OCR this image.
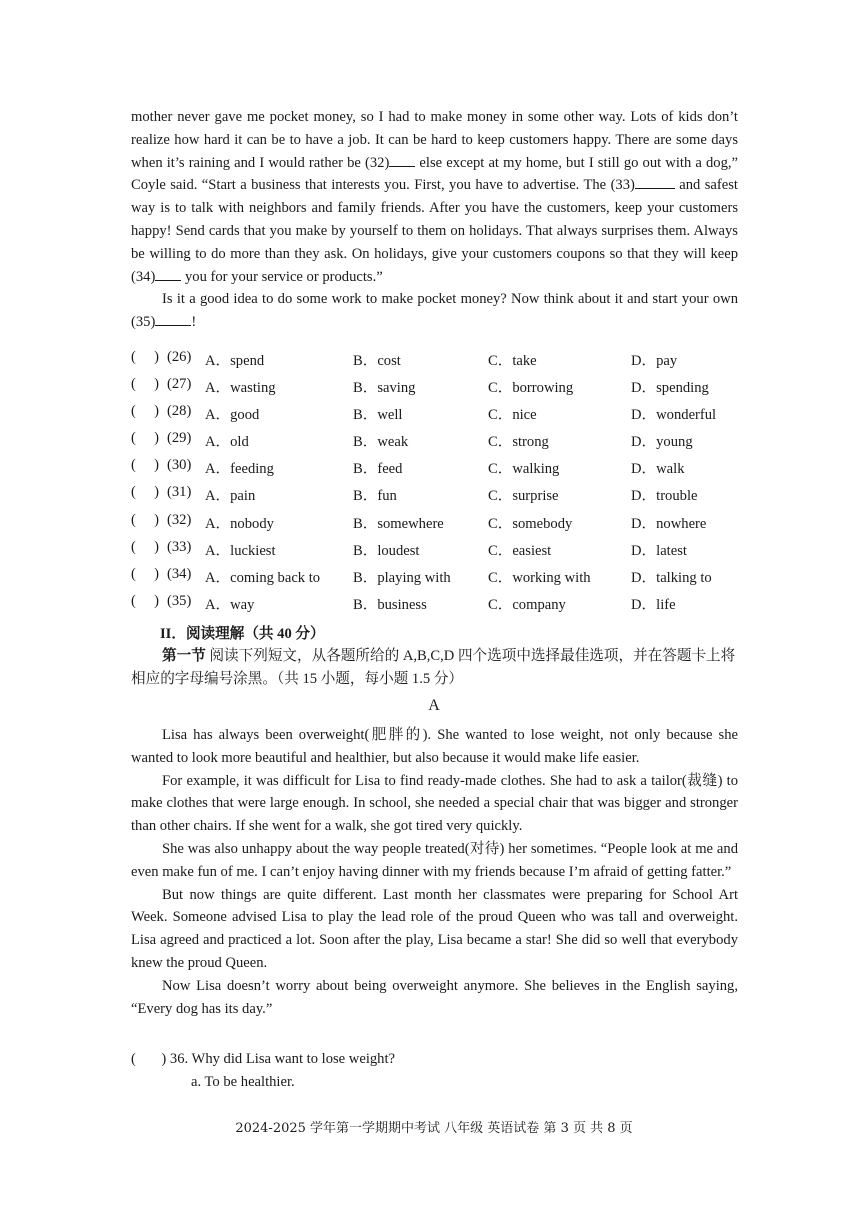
mother never gave me pocket money, so I had to make money in some other way. Lots of kids don’t realize how hard it can be to have a job. It can be hard to keep customers happy. There are some days when it’s raining and I would rather be (32) else except at my home, but I still go out with a dog,” Coyle said. “Start a business that interests you. First, you have to advertise. The (33)	and safest way is to talk with neighbors and family friends. After you have the customers, keep your customers happy! Send cards that you make by yourself to them on holidays. That always surprises them. Always be willing to do more than they ask. On holidays, give your customers coupons so that they will keep (34) you for your service or products.”

Is it a good idea to do some work to make pocket money? Now think about it and start your own (35) !

(     ) (26) A．spend	B．cost	C．take	D．pay
(     ) (27) A．wasting	B．saving	C．borrowing	D．spending
(     ) (28) A．good	B．well	C．nice	D．wonderful
(     ) (29) A．old	B．weak	C．strong	D．young
(     ) (30) A．feeding	B．feed	C．walking	D．walk
(     ) (31) A．pain	B．fun	C．surprise	D．trouble
(     ) (32) A．nobody	B．somewhere	C．somebody	D．nowhere
(     ) (33) A．luckiest	B．loudest	C．easiest	D．latest
(     ) (34) A．coming back to B．playing with	C．working with	D．talking to
(     ) (35) A．way	B．business	C．company	D．life
II．阅读理解（共 40 分）
第一节 阅读下列短文，从各题所给的 A,B,C,D 四个选项中选择最佳选项，并在答题卡上将相应的字母编号涂黑。（共 15 小题，每小题 1.5 分）
A

Lisa has always been overweight(肥胖的). She wanted to lose weight, not only because she wanted to look more beautiful and healthier, but also because it would make life easier.

For example, it was difficult for Lisa to find ready-made clothes. She had to ask a tailor(裁缝) to make clothes that were large enough. In school, she needed a special chair that was bigger and stronger than other chairs. If she went for a walk, she got tired very quickly.

She was also unhappy about the way people treated(对待) her sometimes. “People look at me and even make fun of me. I can’t enjoy having dinner with my friends because I’m afraid of getting fatter.”

But now things are quite different. Last month her classmates were preparing for School Art Week. Someone advised Lisa to play the lead role of the proud Queen who was tall and overweight. Lisa agreed and practiced a lot. Soon after the play, Lisa became a star! She did so well that everybody knew the proud Queen.

Now Lisa doesn’t worry about being overweight anymore. She believes in the English saying, “Every dog has its day.”

(       ) 36. Why did Lisa want to lose weight?
a. To be healthier.
2024-2025 学年第一学期期中考试 八年级 英语试卷 第 3 页 共 8 页
